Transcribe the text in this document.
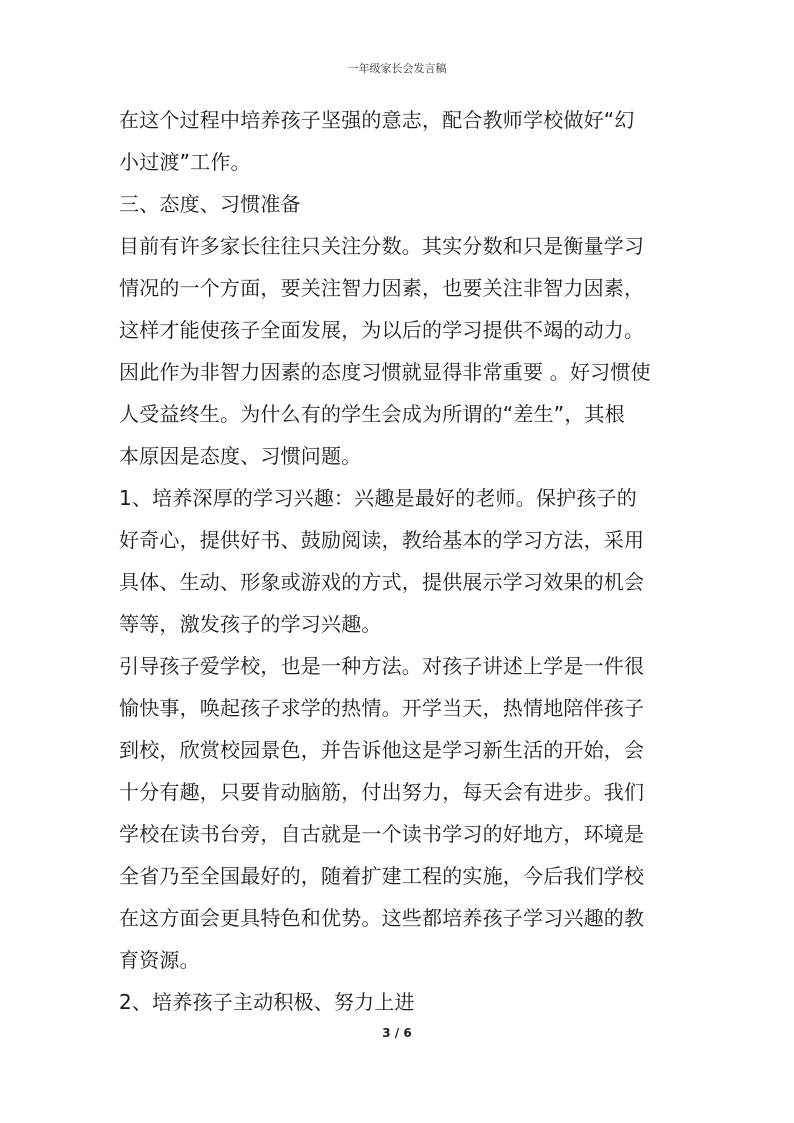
一年级家长会发言稿
在这个过程中培养孩子坚强的意志，配合教师学校做好“幻
小过渡”工作。
三、态度、习惯准备
目前有许多家长往往只关注分数。其实分数和只是衡量学习
情况的一个方面，要关注智力因素，也要关注非智力因素，
这样才能使孩子全面发展，为以后的学习提供不竭的动力。
因此作为非智力因素的态度习惯就显得非常重要 。好习惯使
人受益终生。为什么有的学生会成为所谓的“差生”，其根
本原因是态度、习惯问题。
1、培养深厚的学习兴趣：兴趣是最好的老师。保护孩子的
好奇心，提供好书、鼓励阅读，教给基本的学习方法，采用
具体、生动、形象或游戏的方式，提供展示学习效果的机会
等等，激发孩子的学习兴趣。
引导孩子爱学校，也是一种方法。对孩子讲述上学是一件很
愉快事，唤起孩子求学的热情。开学当天，热情地陪伴孩子
到校，欣赏校园景色，并告诉他这是学习新生活的开始，会
十分有趣，只要肯动脑筋，付出努力，每天会有进步。我们
学校在读书台旁，自古就是一个读书学习的好地方，环境是
全省乃至全国最好的，随着扩建工程的实施，今后我们学校
在这方面会更具特色和优势。这些都培养孩子学习兴趣的教
育资源。
2、培养孩子主动积极、努力上进
3 / 6
